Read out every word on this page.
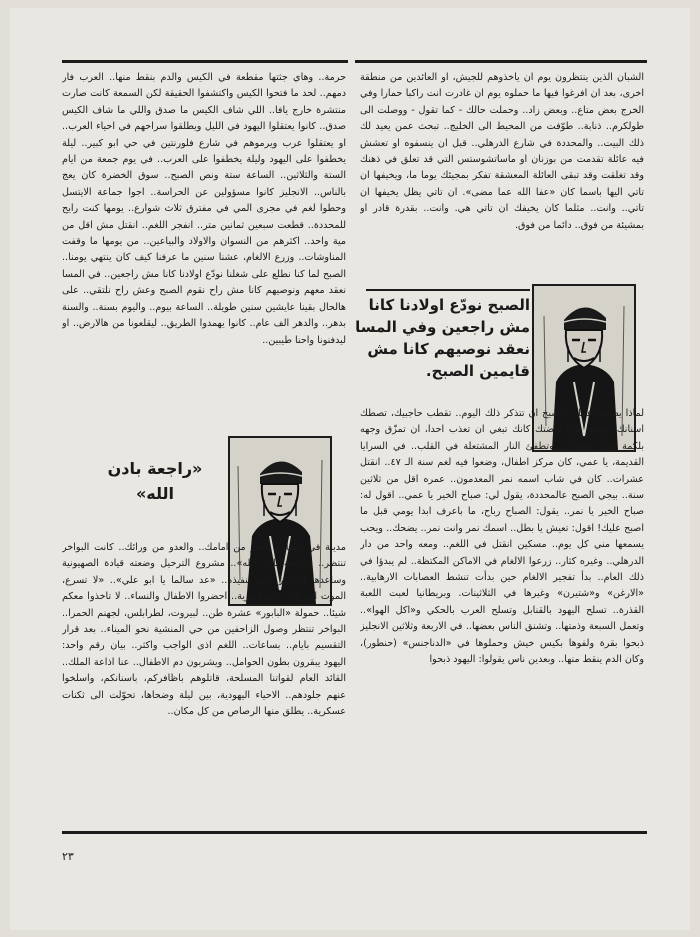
الشبان الذين ينتظرون يوم ان ياخذوهم للجيش، او العائدين من منطقة اخرى، بعد ان افرغوا فيها ما حملوه يوم ان غادرت انت راكبا حمارا وفي الخرج بعض متاع.. وبعض زاد.. وحملت حالك - كما تقول - ووصلت الى طولكرم.. ذنابة.. طوّفت من المحيط الى الخليج.. تبحث عمن يعيد لك ذلك البيت.. والمحددة في شارع الدرهلي.. قبل ان ينسفوه او تعشش فيه عائلة تقدمت من بوزنان او ماساتشوستس التي قد تعلق في ذهنك وقد تغلقت وقد تبقى العائلة المعشقة تفكر بمجيئك يوما ما، ويخيفها ان تاتي اليها باسما كان «عفا الله عما مضى». ان تاتي يظل يخيفها ان تاتي.. وانت.. مثلما كان يخيفك ان تاتي هي. وانت.. بقدرة قادر او بمشيئة من فوق.. دائما من فوق.

الصبح نودّع اولادنا كانا مش راجعين وفي المسا نعقد نوصيهم كانا مش قايمين الصبح.

لماذا يصعب عليك يا شيخ ان تتذكر ذلك اليوم.. تقطب حاجبيك، تصطك اسنانك، وتشد على قبضتك كانك تبغي ان تعذب احدا، ان تمزّق وجهه بلكمة تطيّر الصواب، وتطفئ النار المشتعلة في القلب.. في السرايا القديمة، يا عمي، كان مركز اطفال، وضعوا فيه لغم سنة الـ ٤٧.. انقتل عشرات.. كان في شاب اسمه نمر المعدمون.. عمره اقل من ثلاثين سنة.. بيجي الصبح عالمحددة، يقول لي: صباح الخير يا عمي.. اقول له: صباح الخير يا نمر.. يقول: الصباح رباح، ما باعرف ابدا يومي قبل ما اصبح عليك! اقول: تعيش يا بطل.. اسمك نمر وانت نمر.. يضحك.. ويحب يسمعها مني كل يوم.. مسكين انقتل في اللغم.. ومعه واحد من دار الدرهلي.. وغيره كثار.. زرعوا الالغام في الاماكن المكتظة.. لم يبدؤا في ذلك العام.. بدأ تفجير الالغام حين بدأت تنشط العصابات الارهابية.. «الارغن» و«شتيرن» وغيرها في الثلاثينات. وبريطانيا لعبت اللعبة القذرة.. تسلح اليهود بالقنابل وتسلح العرب بالحكي و«اكل الهوا».. وتعمل السبعة وذمتها.. وتشنق الناس بعضها.. في الاربعة وثلاثين الانجليز ذبحوا بقرة ولفوها بكيس خيش وحملوها في «الدناجنس» (حنطور)، وكان الدم ينقط منها.. وبعدين ناس يقولوا: اليهود ذبحوا

حرمة.. وهاي جثتها مقطعة في الكيس والدم بنقط منها.. العرب فار دمهم.. لحد ما فتحوا الكيس واكتشفوا الحقيقة لكن السمعة كانت صارت منتشرة خارج يافا.. اللي شاف الكيس ما صدق واللي ما شاف الكيس صدق.. كانوا يعتقلوا اليهود في الليل ويطلقوا سراحهم في احياء العرب.. او يعتقلوا عرب ويرموهم في شارع فلورنتين في حي ابو كبير.. ليلة يخطفوا على اليهود وليلة يخطفوا على العرب.. في يوم جمعة من ايام الستة والثلاثين.. الساعة ستة ونص الصبح.. سوق الخضرة كان يعج بالناس.. الانجليز كانوا مسؤولين عن الحراسة.. اجوا جماعة الايتسل وحطوا لغم في مجرى المي في مفترق ثلاث شوارع.. يومها كنت رايح للمحددة.. قطعت سبعين ثمانين متر.. انفجر اللغم.. انقتل مش اقل من مية واحد.. اكثرهم من النسوان والاولاد والبياعين.. من يومها ما وقفت المناوشات.. وزرع الالغام، عشنا سنين ما عرفنا كيف كان ينتهي يومنا.. الصبح لما كنا نطلع على شغلنا نودّع اولادنا كانا مش راجعين.. في المسا نعقد معهم ونوصيهم كانا مش راح نقوم الصبح وعش راح نلتقي.. على هالحال بقينا عايشين سنين طويلة.. الساعة بيوم.. واليوم بسنة.. والسنة بدهر.. والدهر الف عام.. كانوا يهمدوا الطريق.. ليقلعونا من هالارض.. او ليدفنونا واحنا طيبين..

«راجعة بادن الله»

مدينة في حصار.. البحر من امامك.. والعدو من ورائك.. كانت البواخر تنتظر.. «راجعة بادن الله».. مشروع الترحيل وضعته قيادة الصهيونية وساعدها الانكليز على تنفيذه.. «عد سالما يا ابو علي».. «لا تسرع، الموت اسرع».. للاسكندرية.. احضروا الاطفال والنساء.. لا تاخذوا معكم شيئا.. حمولة «البابور» عشرة طن.. لبيروت، لطرابلس، لجهنم الحمرا.. البواخر تنتظر وصول الزاحفين من حي المنشية نحو الميناء.. بعد قرار التقسيم بايام.. بساعات.. اللغم اذى الواجب واكثر.. بيان رقم واحد: اليهود يبقرون بطون الحوامل.. ويشربون دم الاطفال.. عنا اذاعة الملك.. القائد العام لقواتنا المسلحة، قاتلوهم باظافركم، باسنانكم، واسلخوا عنهم جلودهم.. الاحياء اليهودية، بين ليلة وضحاها، تحوّلت الى ثكنات عسكرية.. يطلق منها الرصاص من كل مكان..

٢٣
